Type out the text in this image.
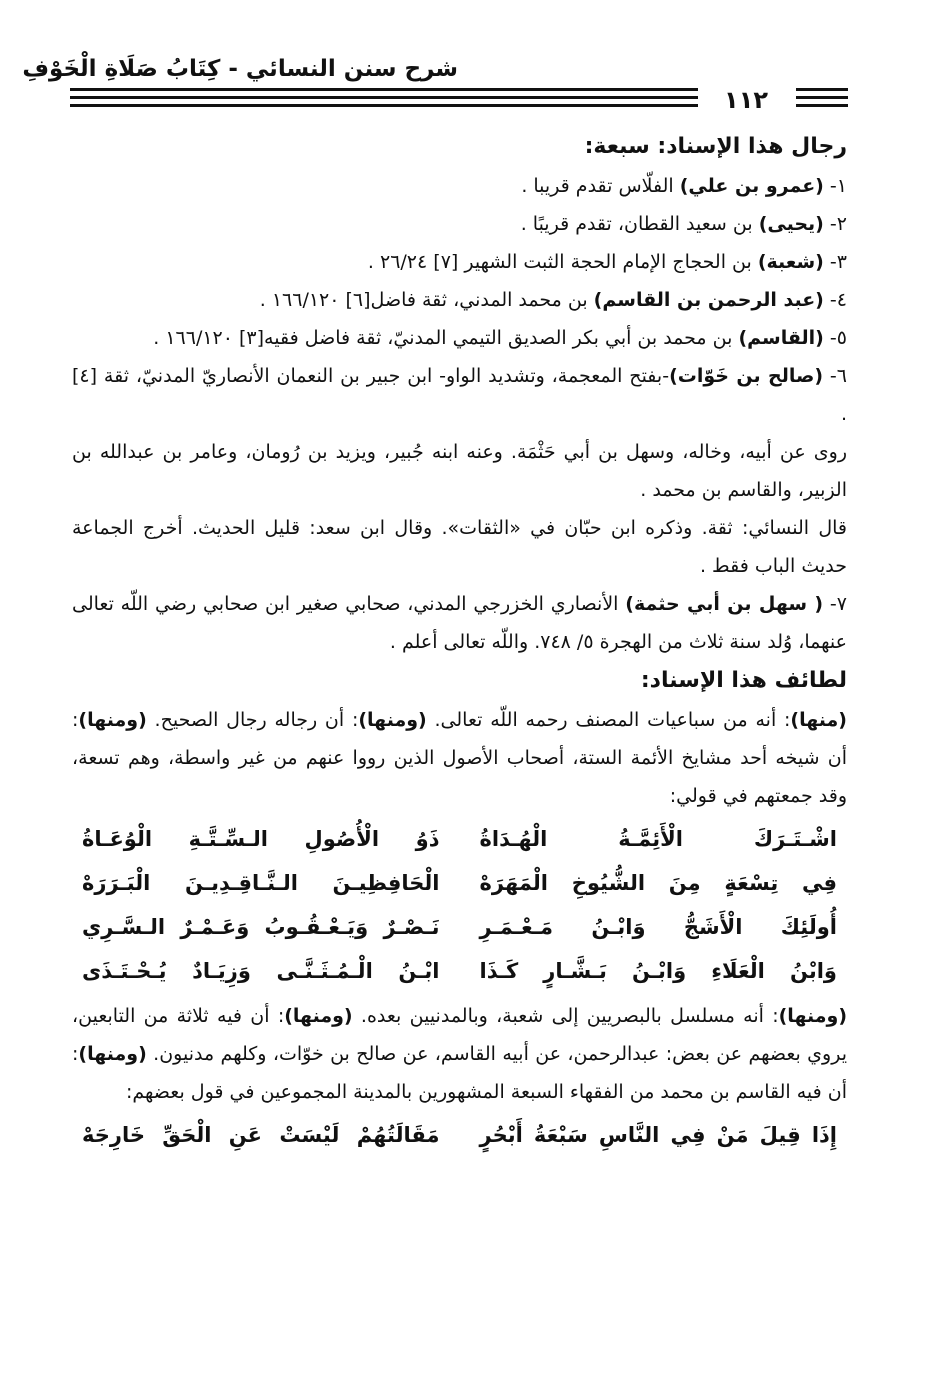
شرح سنن النسائي - كِتَابُ صَلَاةِ الْخَوْفِ
١١٢
رجال هذا الإسناد: سبعة:

١- (عمرو بن علي) الفلّاس تقدم قريبا .

٢- (يحيى) بن سعيد القطان، تقدم قريبًا .

٣- (شعبة) بن الحجاج الإمام الحجة الثبت الشهير [٧] ٢٦/٢٤ .

٤- (عبد الرحمن بن القاسم) بن محمد المدني، ثقة فاضل[٦] ١٦٦/١٢٠ .

٥- (القاسم) بن محمد بن أبي بكر الصديق التيمي المدنيّ، ثقة فاضل فقيه[٣] ١٦٦/١٢٠ .

٦- (صالح بن خَوّات)-بفتح المعجمة، وتشديد الواو- ابن جبير بن النعمان الأنصاريّ المدنيّ، ثقة [٤] .

روى عن أبيه، وخاله، وسهل بن أبي حَثْمَة. وعنه ابنه جُبير، ويزيد بن رُومان، وعامر بن عبدالله بن الزبير، والقاسم بن محمد .

قال النسائي: ثقة. وذكره ابن حبّان في «الثقات». وقال ابن سعد: قليل الحديث. أخرج الجماعة حديث الباب فقط .

٧- ( سهل بن أبي حثمة) الأنصاري الخزرجي المدني، صحابي صغير ابن صحابي رضي اللّه تعالى عنهما، وُلد سنة ثلاث من الهجرة ٥/ ٧٤٨. واللّه تعالى أعلم .

لطائف هذا الإسناد:

(منها): أنه من سباعيات المصنف رحمه اللّه تعالى. (ومنها): أن رجاله رجال الصحيح. (ومنها): أن شيخه أحد مشايخ الأئمة الستة، أصحاب الأصول الذين رووا عنهم من غير واسطة، وهم تسعة، وقد جمعتهم في قولي:

اشْـتَـرَكَ الْأَئِمَّـةُ الْهُـدَاةُ
ذَوُ الْأُصُولِ الـسِّـتَّـةِ الْوُعَـاةُ
فِي تِسْعَةٍ مِنَ الشُّيُوخِ الْمَهَرَهْ
الْحَافِظِيـنَ الـنَّـاقِـدِيـنَ الْبَـرَرَهْ
أُولَئِكَ الْأَشَجُّ وَابْـنُ مَـعْـمَـرِ
نَـصْـرٌ وَيَـعْـقُـوبُ وَعَـمْـرٌ الـسَّـرِي
وَابْنُ الْعَلَاءِ وَابْـنُ بَـشَّـارٍ كَـذَا
ابْـنُ الْـمُـثَـنَّـى وَزِيَـادٌ يُـحْـتَـذَى

(ومنها): أنه مسلسل بالبصريين إلى شعبة، وبالمدنيين بعده. (ومنها): أن فيه ثلاثة من التابعين، يروي بعضهم عن بعض: عبدالرحمن، عن أبيه القاسم، عن صالح بن خوّات، وكلهم مدنيون. (ومنها): أن فيه القاسم بن محمد من الفقهاء السبعة المشهورين بالمدينة المجموعين في قول بعضهم:

إِذَا قِيلَ مَنْ فِي النَّاسِ سَبْعَةُ أَبْحُرٍ
مَقَالَتُهُمْ لَيْسَتْ عَنِ الْحَقِّ خَارِجَهْ
